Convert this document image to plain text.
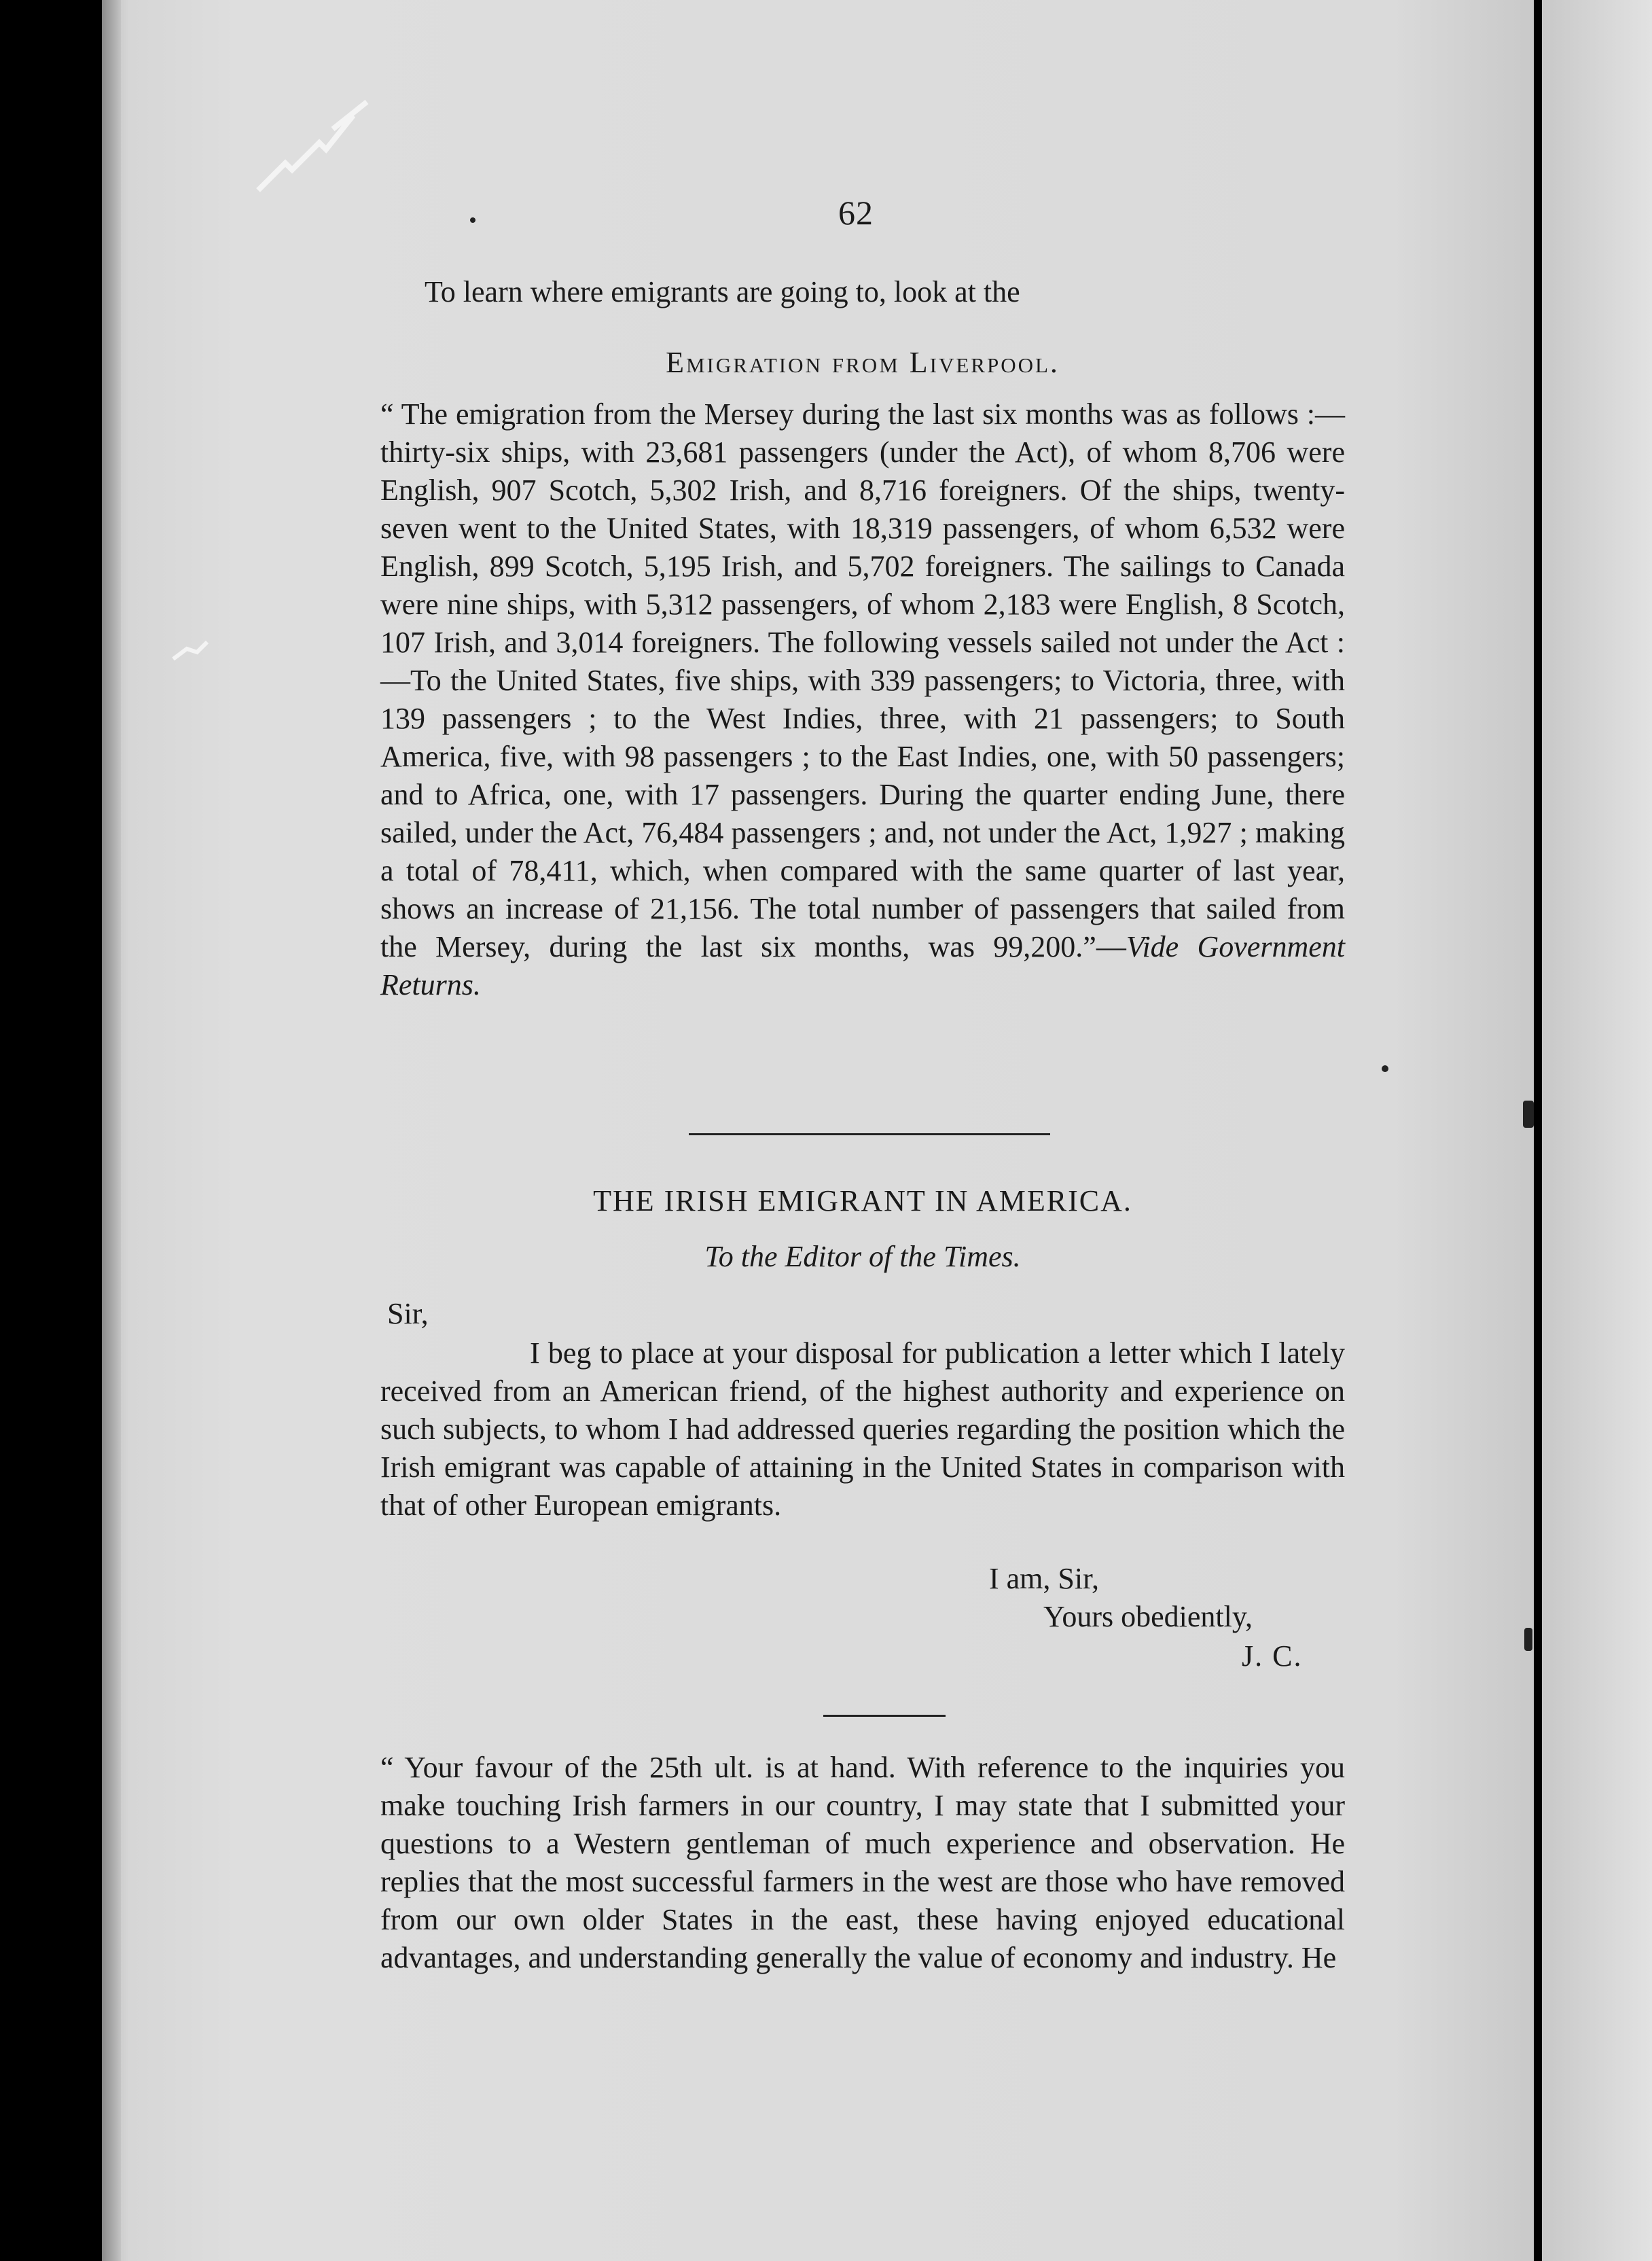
62
To learn where emigrants are going to, look at the
Emigration from Liverpool.

“ The emigration from the Mersey during the last six months was as follows :—thirty-six ships, with 23,681 passengers (under the Act), of whom 8,706 were English, 907 Scotch, 5,302 Irish, and 8,716 foreigners. Of the ships, twenty-seven went to the United States, with 18,319 passengers, of whom 6,532 were English, 899 Scotch, 5,195 Irish, and 5,702 foreigners. The sailings to Canada were nine ships, with 5,312 passengers, of whom 2,183 were English, 8 Scotch, 107 Irish, and 3,014 foreigners. The following vessels sailed not under the Act :—To the United States, five ships, with 339 passengers; to Victoria, three, with 139 passengers ; to the West Indies, three, with 21 passengers; to South America, five, with 98 passengers ; to the East Indies, one, with 50 passengers; and to Africa, one, with 17 passengers. During the quarter ending June, there sailed, under the Act, 76,484 passengers ; and, not under the Act, 1,927 ; making a total of 78,411, which, when compared with the same quarter of last year, shows an increase of 21,156. The total number of passengers that sailed from the Mersey, during the last six months, was 99,200.”—Vide Government Returns.

THE IRISH EMIGRANT IN AMERICA.
To the Editor of the Times.
Sir,

I beg to place at your disposal for publication a letter which I lately received from an American friend, of the highest authority and experience on such subjects, to whom I had addressed queries regarding the position which the Irish emigrant was capable of attaining in the United States in comparison with that of other European emigrants.

I am, Sir,
Yours obediently,
J. C.

“ Your favour of the 25th ult. is at hand. With reference to the inquiries you make touching Irish farmers in our country, I may state that I submitted your questions to a Western gentleman of much experience and observation. He replies that the most successful farmers in the west are those who have removed from our own older States in the east, these having enjoyed educational advantages, and understanding generally the value of economy and industry. He
